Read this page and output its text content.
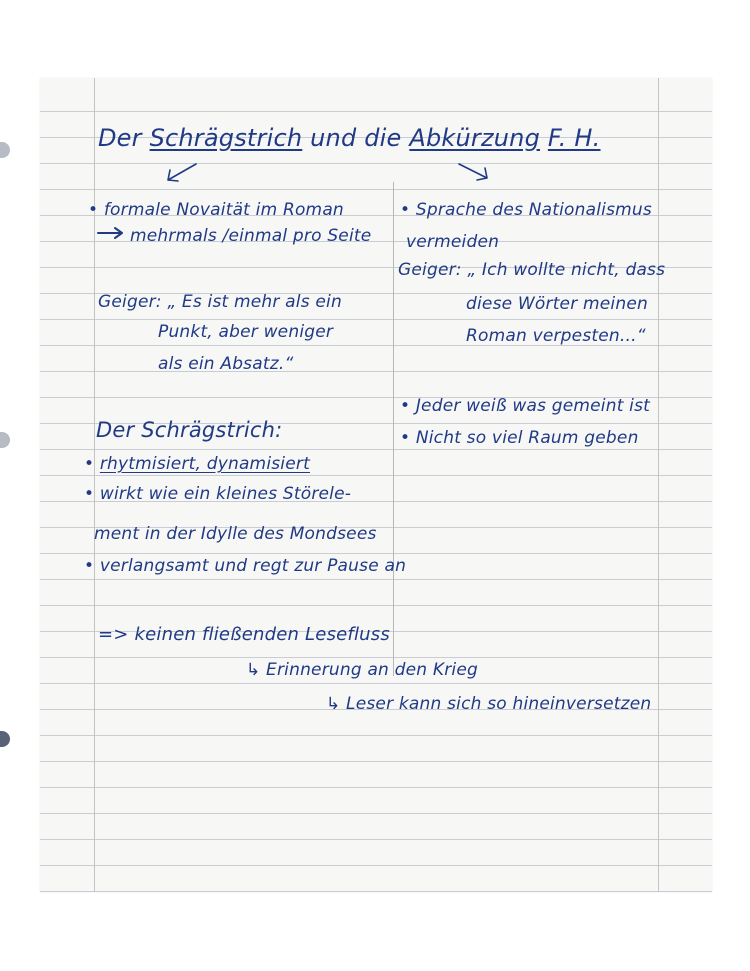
Der Schrägstrich und die Abkürzung F. H.
• formale Novaität im Roman
mehrmals /einmal pro Seite
Geiger: „ Es ist mehr als ein
Punkt, aber weniger
als ein Absatz.“
Der Schrägstrich:
• rhytmisiert, dynamisiert
• wirkt wie ein kleines Störele-
ment in der Idylle des Mondsees
• verlangsamt und regt zur Pause an
• Sprache des Nationalismus
vermeiden
Geiger: „ Ich wollte nicht, dass
diese Wörter meinen
Roman verpesten...“
• Jeder weiß was gemeint ist
• Nicht so viel Raum geben
=> keinen fließenden Lesefluss
↳ Erinnerung an den Krieg
↳ Leser kann sich so hineinversetzen
